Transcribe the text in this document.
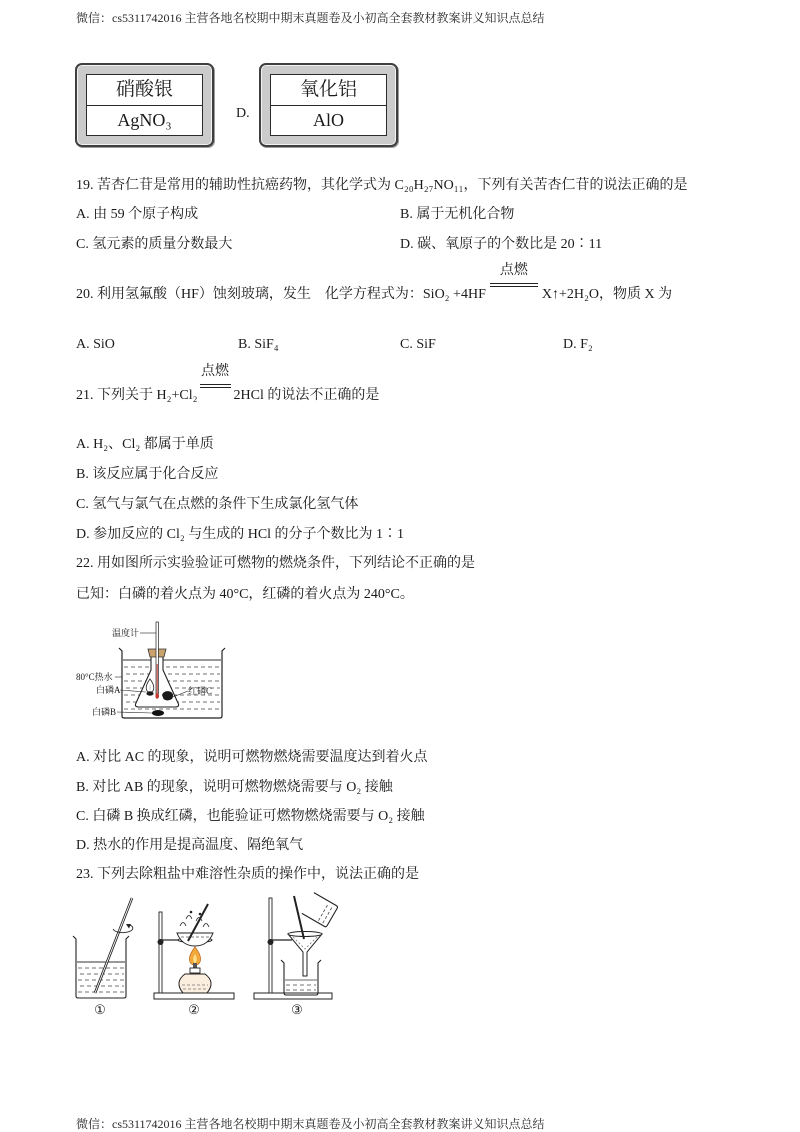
微信：cs5311742016 主营各地名校期中期末真题卷及小初高全套教材教案讲义知识点总结
硝酸银
AgNO₃	D.
氧化铝
AlO
19. 苦杏仁苷是常用的辅助性抗癌药物，其化学式为 C₂₀H₂₇NO₁₁，下列有关苦杏仁苷的说法正确的是
A. 由 59 个原子构成	B. 属于无机化合物
C. 氢元素的质量分数最大	D. 碳、氧原子的个数比是 20∶11
20. 利用氢氟酸（HF）蚀刻玻璃，发生　化学方程式为：SiO₂ +4HF
点燃
X↑+2H₂O，物质 X 为
A. SiO	B. SiF₄	C. SiF	D. F₂
21. 下列关于 H₂+Cl₂
点燃
2HCl 的说法不正确的是
A. H₂、Cl₂ 都属于单质
B. 该反应属于化合反应
C. 氢气与氯气在点燃的条件下生成氯化氢气体
D. 参加反应的 Cl₂ 与生成的 HCl 的分子个数比为 1∶1
22. 用如图所示实验验证可燃物的燃烧条件，下列结论不正确的是
已知：白磷的着火点为 40°C，红磷的着火点为 240°C。
温度计
80°C热水
白磷A	红磷C
白磷B
A. 对比 AC 的现象，说明可燃物燃烧需要温度达到着火点
B. 对比 AB 的现象，说明可燃物燃烧需要与 O₂ 接触
C. 白磷 B 换成红磷，也能验证可燃物燃烧需要与 O₂ 接触
D. 热水的作用是提高温度、隔绝氧气
23. 下列去除粗盐中难溶性杂质的操作中，说法正确的是
①	②	③
微信：cs5311742016 主营各地名校期中期末真题卷及小初高全套教材教案讲义知识点总结
